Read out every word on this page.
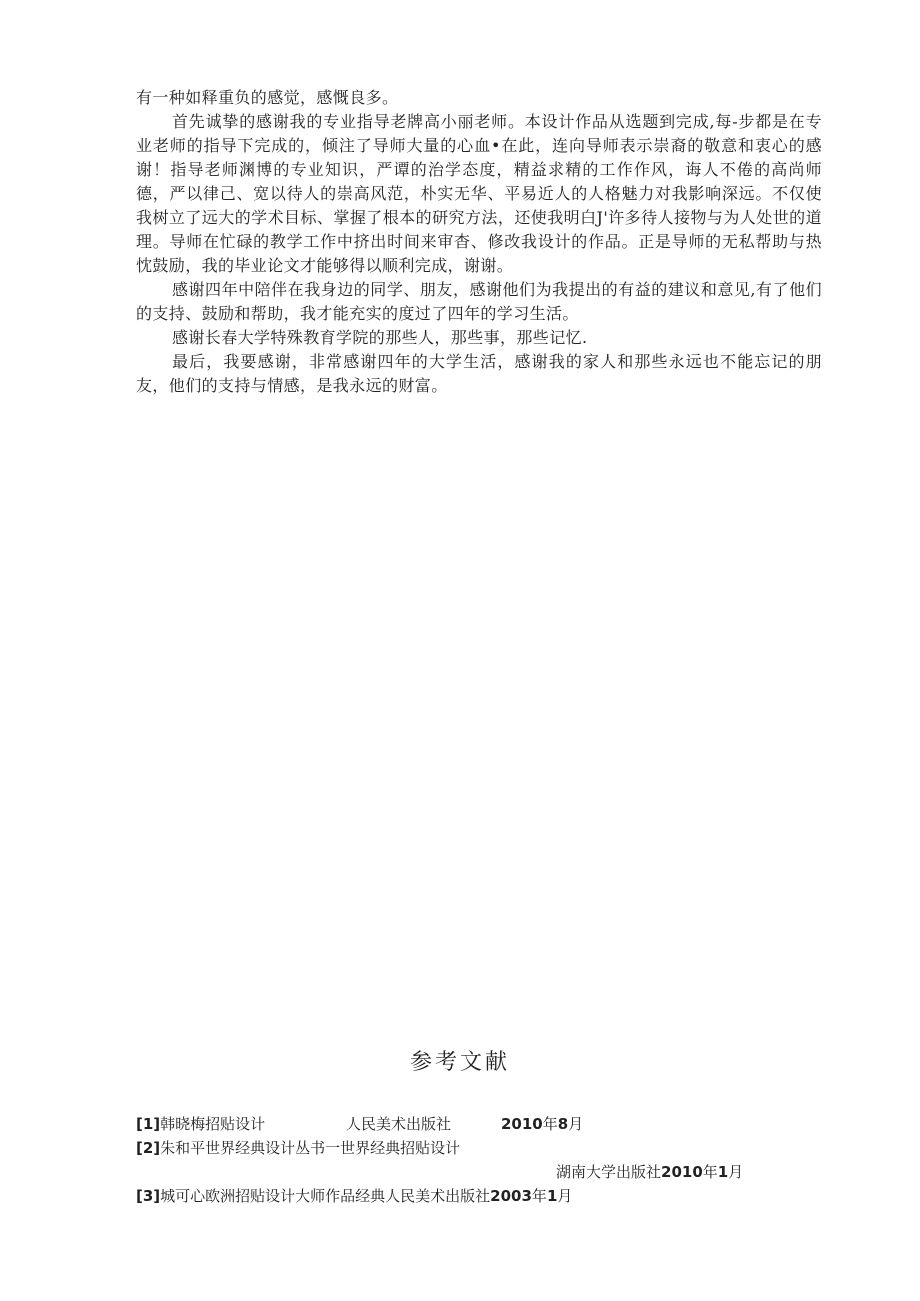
有一种如释重负的感觉，感慨良多。

首先诚挚的感谢我的专业指导老牌高小丽老师。本设计作品从选题到完成,每-步都是在专业老师的指导下完成的，倾注了导师大量的心血•在此，连向导师表示崇裔的敬意和衷心的感谢！指导老师渊博的专业知识，严谭的治学态度，精益求精的工作作风，诲人不倦的高尚师德，严以律己、宽以待人的崇高风范，朴实无华、平易近人的人格魅力对我影响深远。不仅使我树立了远大的学术目标、掌握了根本的研究方法，还使我明白J'许多待人接物与为人处世的道理。导师在忙碌的教学工作中挤出时间来审杳、修改我设计的作品。正是导师的无私帮助与热忱鼓励，我的毕业论文才能够得以顺利完成，谢谢。

感谢四年中陪伴在我身边的同学、朋友，感谢他们为我提出的有益的建议和意见,有了他们的支持、鼓励和帮助，我才能充实的度过了四年的学习生活。

感谢长春大学特殊教育学院的那些人，那些事，那些记忆.

最后，我要感谢，非常感谢四年的大学生活，感谢我的家人和那些永远也不能忘记的朋友，他们的支持与情感，是我永远的财富。

参考文献
[1]韩晓梅招贴设计	人民美术出版社	2010年8月
[2]朱和平世界经典设计丛书一世界经典招贴设计
湖南大学出版社2010年1月
[3]城可心欧洲招贴设计大师作品经典人民美术出版社2003年1月
